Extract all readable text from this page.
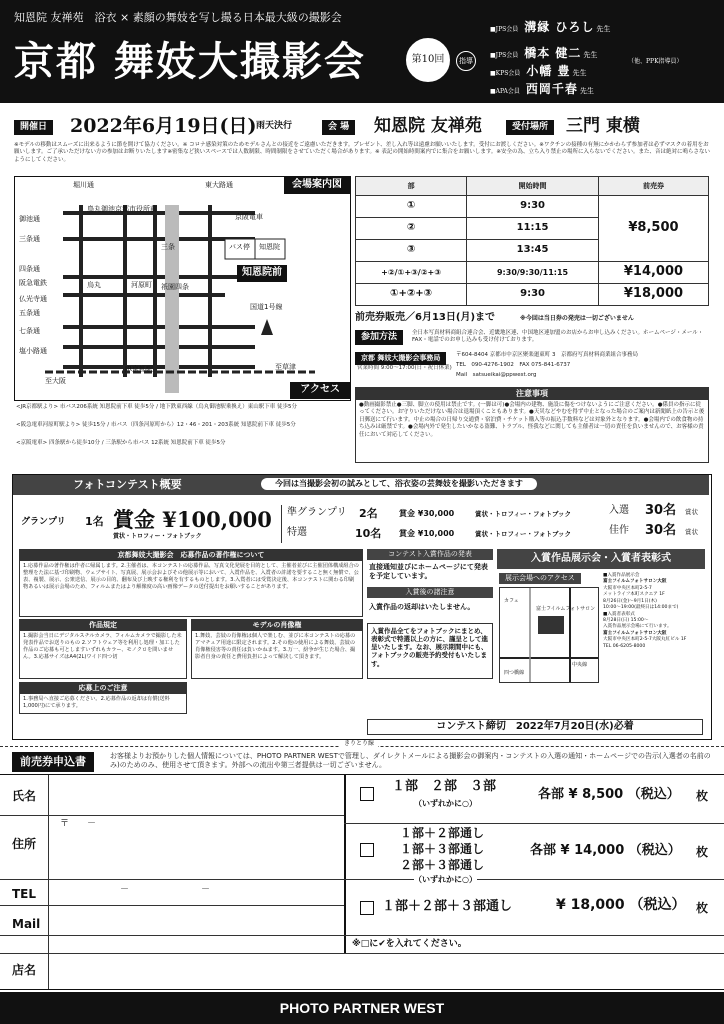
知恩院 友禅苑　浴衣 × 素顔の舞妓を写し撮る日本最大級の撮影会
京都 舞妓大撮影会	第10回	指導
■JPS会員 溝縁 ひろし 先生
■JPS会員 橋本 健二 先生
■KPS会員 小幡 豊 先生
■APA会員 西岡千春 先生
（他、PPK指導員）
開催日	2022年6月19日(日) 雨天決行	会 場	知恩院 友禅苑	受付場所	三門 東横
※モデルの移動はスムーズに出来るように節を開けて協力ください。※ コロナ感染対策のためモデルさんとの接近をご遠慮いただきます。プレゼント、差し入れ等は遠慮お願いいたします。受付にお渡しください。※ワクチンの接種の有無にかかわらず参加者は必ずマスクの着用をお願いします。ご了承いただけない方の参加はお断りいたします※密集など狭いスペースでは人数制限、時間制限をさせていただく場合があります。※ 表記の開始時間案内でに集合をお願いします。※安全の為、立ち入り禁止の場所に入らないでください。また、音は絶対に鳴らさないようにしてください。
会場案内図
御池通
三条通
四条通
阪急電鉄
仏光寺通
五条通
七条通
塩小路通
堀川通
京都市役所前
鳥丸御池
烏丸	河原町
三条
祇園四条
東大路通
知恩院
バス停
国道1号線
JR京都駅
至大阪
至草津
京阪電車
知恩院前
アクセス
<JR京都駅より> 市バス206系統 知恩院前下車 徒歩5分 / 地下鉄東西線（烏丸御池駅乗換え）東山駅下車 徒歩5分
<阪急電車河原町駅より> 徒歩15分 / 市バス（四条河原町から）12・46・201・203系統 知恩院前下車 徒歩5分
<京阪電車> 四条駅から徒歩10分 / 三条駅から市バス 12系統 知恩院前下車 徒歩5分
部	開始時間	前売券
①	9:30	¥8,500
②	11:15	
③	13:45	
+②/①+③/②+③	9:30/9:30/11:15	¥14,000
①+②+③	9:30	¥18,000
前売券販売／6月13日(月)まで	※今回は当日券の発売は一切ございません
参加方法	全日本写真材料商組合連合会、近畿地区連、中国地区連加盟のお店からお申し込みください。ホームページ・メール・FAX・電話でのお申し込みも受け付けております。
京都 舞妓大撮影会事務局
営業時間 9:00〜17:00(日・祝日休業)
〒604-8404 京都市中京区聚楽廻東町 3　京都府写真材料商業組合事務局
TEL　090-4276-1902　FAX 075-841-6737
Mail　satsueikai@ppwest.org
注意事項
●動画撮影禁止●三脚、脚立の使用は禁止です。(一脚は可)●会場内の建物、施設に傷をつけないようにご注意ください。●係員の指示に従ってください。お守りいただけない場合は退場頂くこともあります。●天災などやむを得ず中止となった場合のご案内は新聞紙上の告示と後日郵送にて行います。中止の場合の日帰り交通費・宿泊費・チケット購入等の振込手数料などは対象外となります。●会場内での飲食物の持ち込みは厳禁です。●会場内外で発生したいかなる盗難、トラブル、怪我などに関しても主催者は一切の責任を負いませんので、お客様の責任において対応してください。
フォトコンテスト概要	今回は当撮影会初の試みとして、浴衣姿の芸舞妓を撮影いただきます
グランプリ 1名 賞金 ¥100,000
賞状・トロフィー・フォトブック
準グランプリ 2名	賞金 ¥30,000	賞状・トロフィー・フォトブック
特選	10名 賞金 ¥10,000	賞状・トロフィー・フォトブック
入選 30名 賞状
佳作 30名 賞状
京都舞妓大撮影会　応募作品の著作権について
1.応募作品の著作権は作者に帰属します。2.主催者は、本コンテストの応募作品、写真文化発展を目的として、主催者並びに主催団体構成組合の整理をた法に基づ印刷物、ウェブサイト、写真展、展示会およびその他展示等において、入賞作品を、入賞者の許諾を要すること無く無償で、公表、複製、展示、公衆送信、展示の目的、翻布及び上映する権利を有するものとします。3.入賞者には受賞決定後、本コンテストに関わる印刷物あるいは展示会場のため、フィルムまたはより解像度の高い画像データの送付提出をお願いすることがあります。
作品規定
1.撮影会当日にデジタルスチルカメラ、フィルムカメラで撮影した未発表作品でお送りのもの 2.ソフトウェア等を利用し処理・加工した作品のご応募も可としますいずれもカラー、モノクロを問いません。3.応募サイズはA4(2L)ワイド四つ切
モデルの肖像権
1.舞妓、芸妓の肖像権は個人で楽しむ、並びに本コンテストの応募のアマチュア用途に限定されます。2.その他の使用による舞妓、芸妓の肖像権侵害等の責任は負いかねます。3.万一、紛争が生じた場合、撮影者自身の責任と費用負担によって解決して頂きます。
応募上のご注意
1.事務局へ直接ご応募ください。2.応募作品の返却は有償(送料1,000円)にて承ります。
コンテスト入賞作品の発表
直接通知並びにホームページにて発表を予定しています。
入賞後の諸注意
入賞作品の返却はいたしません。
入賞作品全てをフォトブックにまとめ、表彰式で特選以上の方に、謹呈として進呈いたします。なお、展示期間中にも、フォトブックの販売予約受付もいたします。
入賞作品展示会・入賞者表彰式
展示会場へのアクセス
カフェ
富士フイルムフォトサロン
中央線
四つ橋線
■入賞作品展示会
富士フイルムフォトサロン大阪
大阪市中央区本町2-5-7
メットライフ本町スクエア 1F
8月26日(金)〜9月1日(木)
10:00〜19:00(最終日は14:00まで)
■入賞者表彰式
8月28日(日) 15:00〜
入賞作品展示会場にて行います。
富士フイルムフォトサロン大阪
大阪市中央区本町2-5-7大阪丸紅ビル 1F
TEL 06-6205-8000
コンテスト締切　2022年7月20日(水)必着
きりとり線
前売券申込書	お客様よりお預かりした個人情報については、PHOTO PARTNER WESTで管理し、ダイレクトメールによる撮影会の御案内・コンテストの入選の通知・ホームページでの告示(入選者の名前のみ)のためのみ、使用させて頂きます。外部への流出や第三者提供は一切ございません。
氏名
住所
〒　　－
TEL	－　　　　　　　　－
Mail
店名
１部　２部　３部
（いずれかに○）
各部 ¥ 8,500 （税込） 枚
１部＋２部通し
１部＋３部通し
２部＋３部通し
（いずれかに○）
各部 ¥ 14,000 （税込） 枚
１部＋２部＋３部通し	¥ 18,000 （税込） 枚
※□に✔を入れてください。
PHOTO PARTNER WEST
